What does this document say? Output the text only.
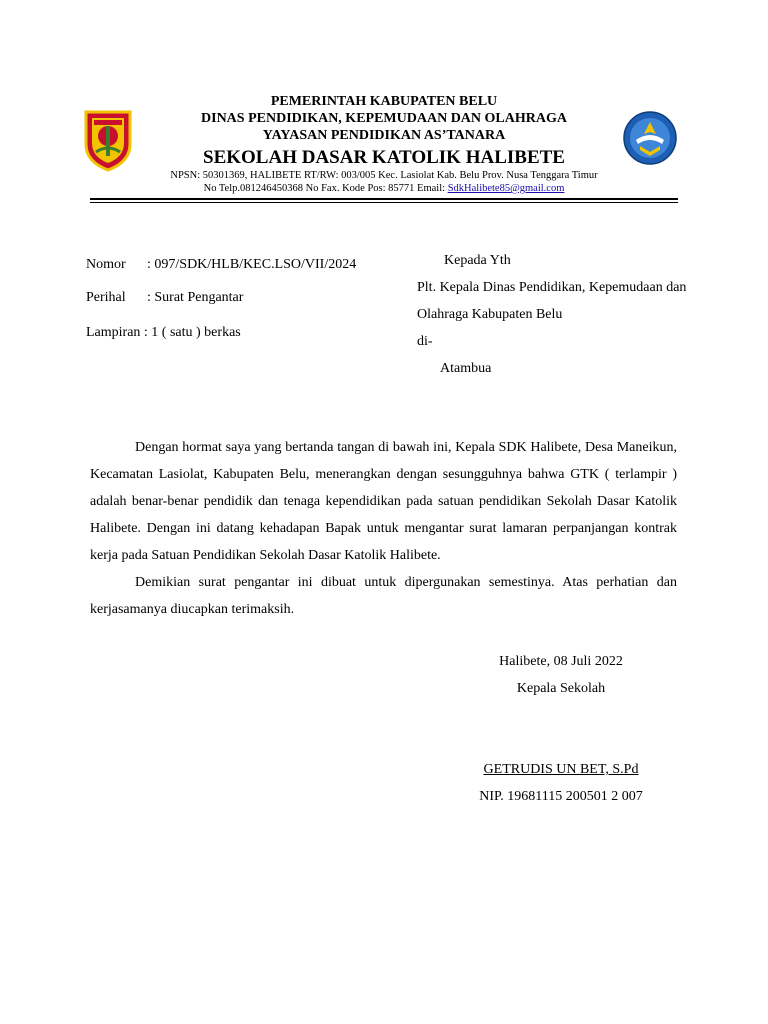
PEMERINTAH KABUPATEN BELU
DINAS PENDIDIKAN, KEPEMUDAAN DAN OLAHRAGA
YAYASAN PENDIDIKAN AS’TANARA
SEKOLAH DASAR KATOLIK HALIBETE
NPSN: 50301369, HALIBETE RT/RW: 003/005 Kec. Lasiolat Kab. Belu Prov. Nusa Tenggara Timur
No Telp.081246450368 No Fax. Kode Pos: 85771 Email: SdkHalibete85@gmail.com
Nomor : 097/SDK/HLB/KEC.LSO/VII/2024
Perihal : Surat Pengantar
Lampiran : 1 ( satu ) berkas
Kepada Yth
Plt. Kepala Dinas Pendidikan, Kepemudaan dan
Olahraga Kabupaten Belu
di-
Atambua
Dengan hormat saya yang bertanda tangan di bawah ini, Kepala SDK Halibete, Desa Maneikun, Kecamatan Lasiolat, Kabupaten Belu, menerangkan dengan sesungguhnya bahwa GTK ( terlampir ) adalah benar-benar pendidik dan tenaga kependidikan pada satuan pendidikan Sekolah Dasar Katolik Halibete. Dengan ini datang kehadapan Bapak untuk mengantar surat lamaran perpanjangan kontrak kerja pada Satuan Pendidikan Sekolah Dasar Katolik Halibete.
Demikian surat pengantar ini dibuat untuk dipergunakan semestinya. Atas perhatian dan kerjasamanya diucapkan terimaksih.
Halibete, 08 Juli 2022
Kepala Sekolah
GETRUDIS UN BET, S.Pd
NIP. 19681115 200501 2 007
